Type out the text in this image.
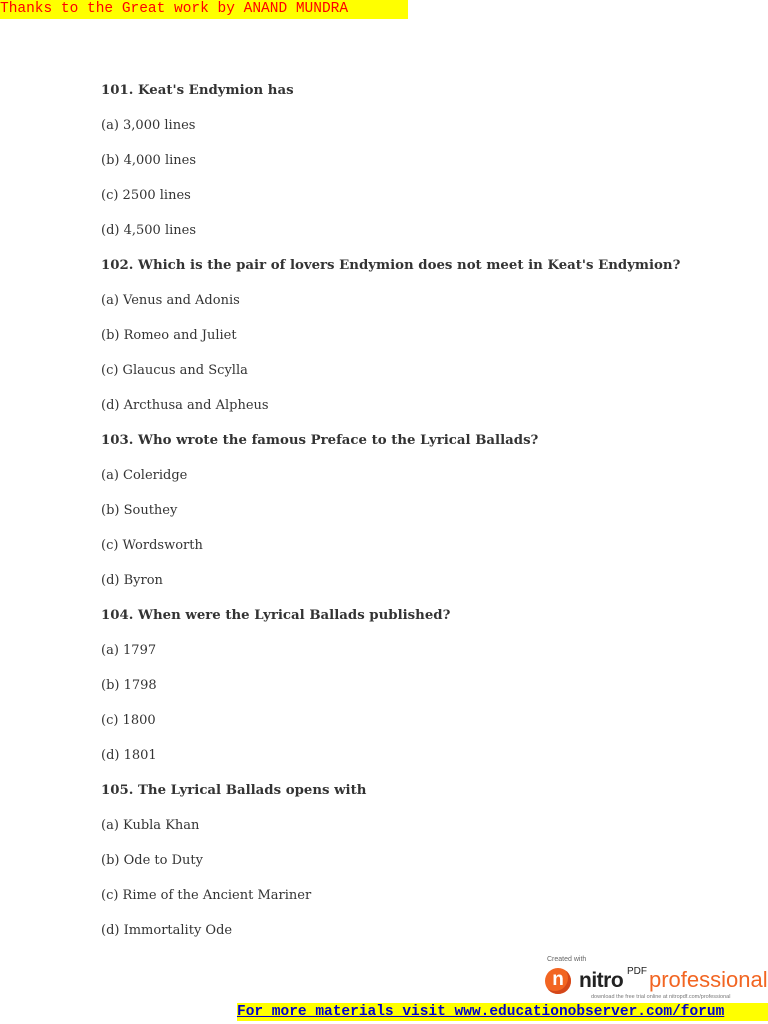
Thanks to the Great work by ANAND MUNDRA
101. Keat's Endymion has
(a) 3,000 lines
(b) 4,000 lines
(c) 2500 lines
(d) 4,500 lines
102. Which is the pair of lovers Endymion does not meet in Keat's Endymion?
(a) Venus and Adonis
(b) Romeo and Juliet
(c) Glaucus and Scylla
(d) Arcthusa and Alpheus
103. Who wrote the famous Preface to the Lyrical Ballads?
(a) Coleridge
(b) Southey
(c) Wordsworth
(d) Byron
104. When were the Lyrical Ballads published?
(a) 1797
(b) 1798
(c) 1800
(d) 1801
105. The Lyrical Ballads opens with
(a) Kubla Khan
(b) Ode to Duty
(c) Rime of the Ancient Mariner
(d) Immortality Ode
Created with
n nitro PDF professional
download the free trial online at nitropdf.com/professional
For more materials visit www.educationobserver.com/forum
